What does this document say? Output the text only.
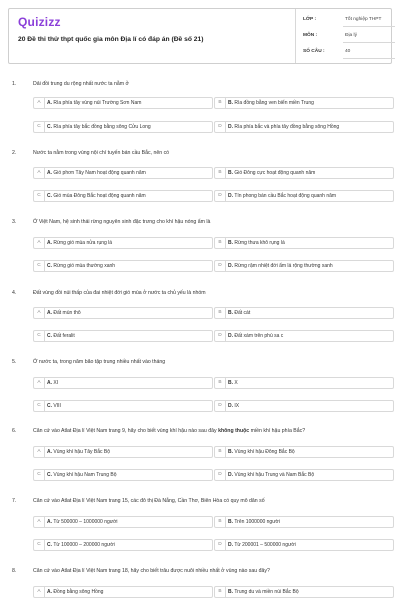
Quizizz
20 Đề thi thử thpt quốc gia môn Địa lí có đáp án (Đề số 21)
LỚP :	Tốt nghiệp THPT
MÔN :	Địa lý
SỐ CÂU :	40
1.	Dải đồi trung du rộng nhất nước ta nằm ở
A	A. Rìa phía tây vùng núi Trường Sơn Nam	B	B. Rìa đồng bằng ven biển miền Trung
C	C. Rìa phía tây bắc đồng bằng sông Cửu Long	D	D. Rìa phía bắc và phía tây đồng bằng sông Hồng
2.	Nước ta nằm trong vùng nội chí tuyến bán cầu Bắc, nên có
A	A. Gió phơn Tây Nam hoạt động quanh năm	B	B. Gió Đông cực hoạt động quanh năm
C	C. Gió mùa Đông Bắc hoạt động quanh năm	D	D. Tín phong bán cầu Bắc hoạt động quanh năm
3.	Ở Việt Nam, hệ sinh thái rừng nguyên sinh đặc trưng cho khí hậu nóng ẩm là
A	A. Rừng gió mùa nửa rụng lá	B	B. Rừng thưa khô rụng lá
C	C. Rừng gió mùa thường xanh	D	D. Rừng rậm nhiệt đới ẩm lá rộng thường xanh
4.	Đất vùng đồi núi thấp của đai nhiệt đới gió mùa ở nước ta chủ yếu là nhóm
A	A. Đất mùn thô	B	B. Đất cát
C	C. Đất feralit	D	D. Đất xám trên phù sa c
5.	Ở nước ta, trong năm bão tập trung nhiều nhất vào tháng
A	A. XI	B	B. X
C	C. VIII	D	D. IX
6.	Căn cứ vào Atlat Địa lí Việt Nam trang 9, hãy cho biết vùng khí hậu nào sau đây không thuộc miền khí hậu phía Bắc?
A	A. Vùng khí hậu Tây Bắc Bộ	B	B. Vùng khí hậu Đông Bắc Bộ
C	C. Vùng khí hậu Nam Trung Bộ	D	D. Vùng khí hậu Trung và Nam Bắc Bộ
7.	Căn cứ vào Atlat Địa lí Việt Nam trang 15, các đô thị Đà Nẵng, Cần Thơ, Biên Hòa có quy mô dân số
A	A. Từ 500000 – 1000000 người	B	B. Trên 1000000 người
C	C. Từ 100000 – 200000 người	D	D. Từ 200001 – 500000 người
8.	Căn cứ vào Atlat Địa lí Việt Nam trang 18, hãy cho biết trâu được nuôi nhiều nhất ở vùng nào sau đây?
A	A. Đồng bằng sông Hồng	B	B. Trung du và miền núi Bắc Bộ
